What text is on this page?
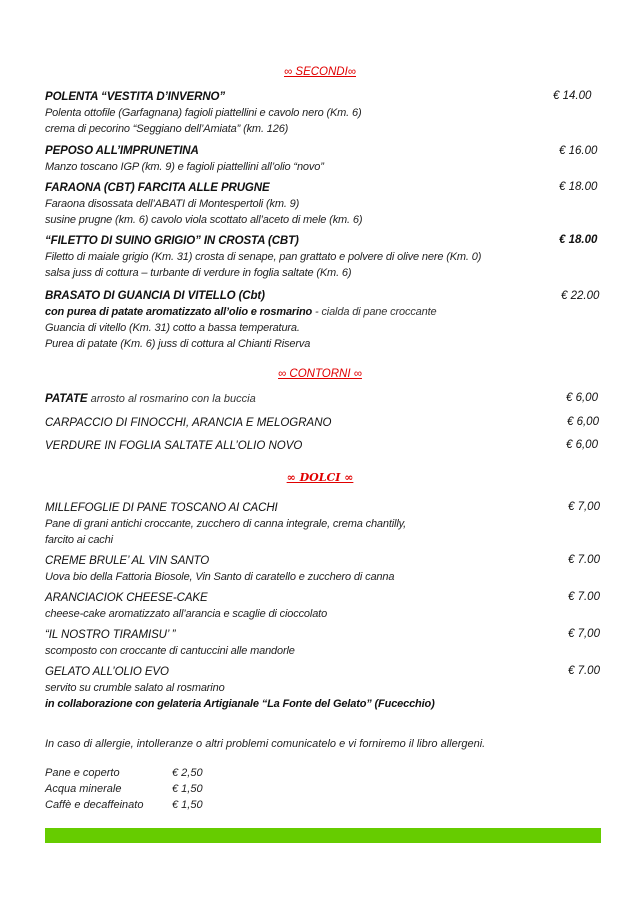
∞ SECONDI∞
POLENTA “VESTITA D’INVERNO”
Polenta ottofile (Garfagnana) fagioli piattellini e cavolo nero (Km. 6)
crema di pecorino “Seggiano dell’Amiata” (km. 126)
€ 14.00
PEPOSO ALL’IMPRUNETINA
Manzo toscano IGP (km. 9) e fagioli piattellini all’olio “novo”
€ 16.00
FARAONA (CBT) FARCITA ALLE PRUGNE
Faraona disossata dell’ABATI di Montespertoli (km. 9)
susine prugne (km. 6) cavolo viola scottato all’aceto di mele (km. 6)
€ 18.00
“FILETTO DI SUINO GRIGIO” IN CROSTA (CBT)
Filetto di maiale grigio (Km. 31) crosta di senape, pan grattato e polvere di olive nere (Km. 0)
salsa juss di cottura – turbante di verdure in foglia saltate (Km. 6)
€ 18.00
BRASATO DI GUANCIA DI VITELLO (Cbt)
con purea di patate aromatizzato all’olio e rosmarino - cialda di pane croccante
Guancia di vitello (Km. 31) cotto a bassa temperatura.
Purea di patate (Km. 6) juss di cottura al Chianti Riserva
€ 22.00
∞ CONTORNI ∞
PATATE arrosto al rosmarino con la buccia	€ 6,00
CARPACCIO DI FINOCCHI, ARANCIA E MELOGRANO	€ 6,00
VERDURE IN FOGLIA SALTATE ALL’OLIO NOVO	€ 6,00
∞ DOLCI ∞
MILLEFOGLIE DI PANE TOSCANO AI CACHI
Pane di grani antichi croccante, zucchero di canna integrale, crema chantilly,
farcito ai cachi
€ 7,00
CREME BRULE’ AL VIN SANTO
Uova bio della Fattoria Biosole, Vin Santo di caratello e zucchero di canna
€ 7.00
ARANCIACIOK CHEESE-CAKE
cheese-cake aromatizzato all’arancia e scaglie di cioccolato
€ 7.00
“IL NOSTRO TIRAMISU’ ”
scomposto con croccante di cantuccini alle mandorle
€ 7,00
GELATO ALL’OLIO EVO
servito su crumble salato al rosmarino
in collaborazione con gelateria Artigianale “La Fonte del Gelato” (Fucecchio)
€ 7.00
In caso di allergie, intolleranze o altri problemi comunicatelo e vi forniremo il libro allergeni.
Pane e coperto	€ 2,50
Acqua minerale	€ 1,50
Caffè e decaffeinato	€ 1,50
